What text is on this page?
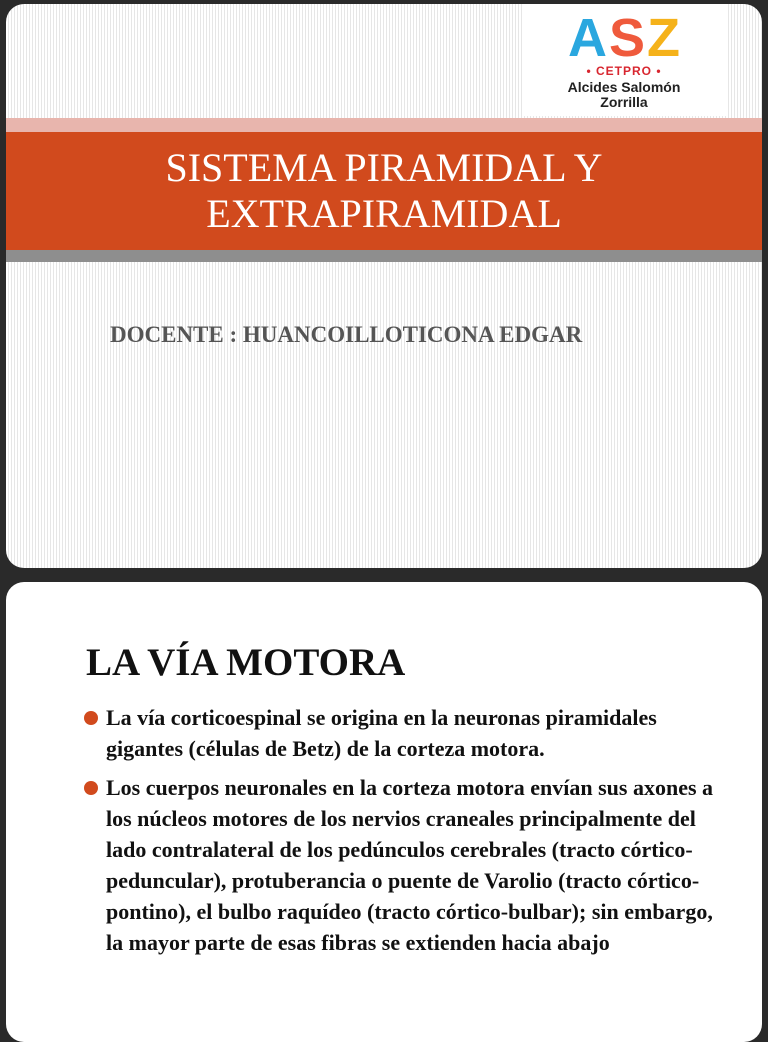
SISTEMA PIRAMIDAL Y
EXTRAPIRAMIDAL

DOCENTE : HUANCOILLOTICONA EDGAR

ASZ
• CETPRO •
Alcides Salomón
Zorrilla
LA VÍA MOTORA
La vía corticoespinal se origina en la neuronas piramidales gigantes (células de Betz) de la corteza motora.
Los cuerpos neuronales en la corteza motora envían sus axones a los núcleos motores de los nervios craneales principalmente del lado contralateral de los pedúnculos cerebrales (tracto córtico-peduncular), protuberancia o puente de Varolio (tracto córtico-pontino), el bulbo raquídeo (tracto córtico-bulbar); sin embargo, la mayor parte de esas fibras se extienden hacia abajo
